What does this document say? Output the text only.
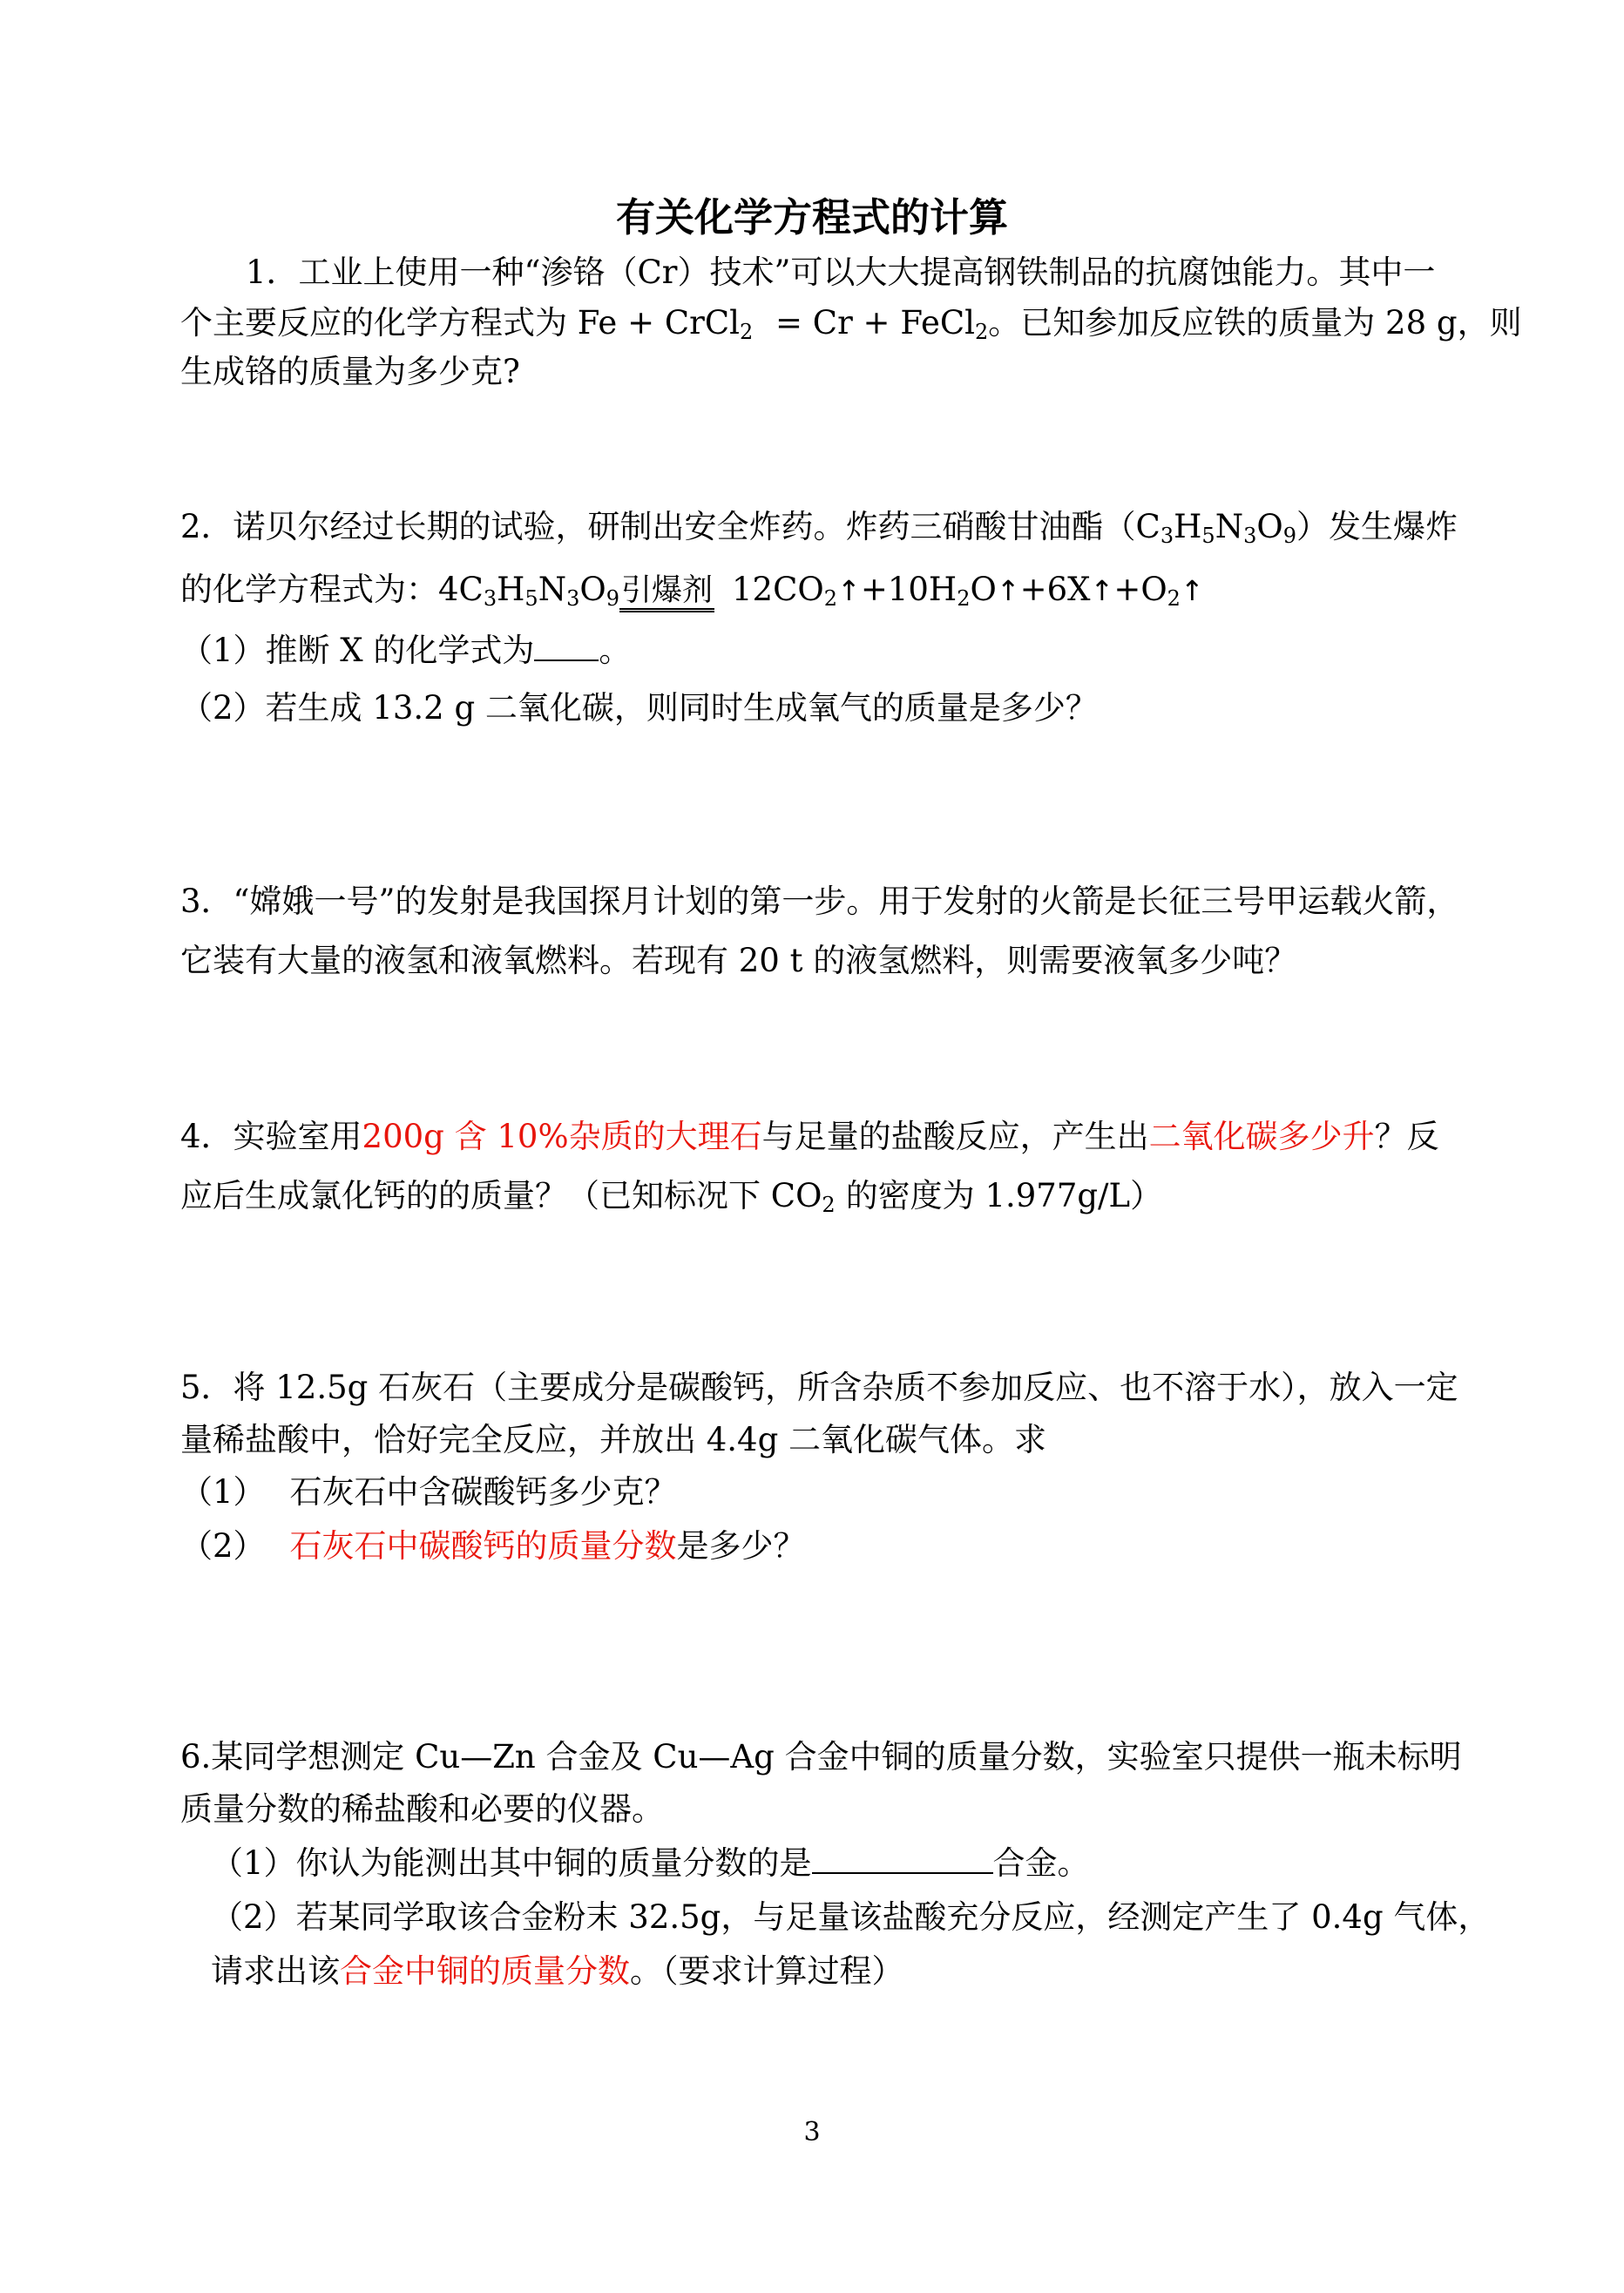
有关化学方程式的计算
1．工业上使用一种“渗铬（Cr）技术”可以大大提高钢铁制品的抗腐蚀能力。其中一
个主要反应的化学方程式为 Fe + CrCl$_2$ = Cr + FeCl$_2$。已知参加反应铁的质量为 28 g，则
生成铬的质量为多少克?
2．诺贝尔经过长期的试验，研制出安全炸药。炸药三硝酸甘油酯$(C_3H_5N_3O_9)$发生爆炸
的化学方程式为：$4C_3H_5N_3O_9$引爆剂 $12CO_2↑+10H_2O↑+6X↑+O_2↑$
（1）推断 X 的化学式为 。
（2）若生成 13.2 g 二氧化碳，则同时生成氧气的质量是多少？
3．“嫦娥一号”的发射是我国探月计划的第一步。用于发射的火箭是长征三号甲运载火箭，
它装有大量的液氢和液氧燃料。若现有 20 t 的液氢燃料，则需要液氧多少吨？
4．实验室用200g 含 10%杂质的大理石与足量的盐酸反应，产生出二氧化碳多少升？反
应后生成氯化钙的的质量？（已知标况下 $CO_2$ 的密度为 1.977g/L）
5．将 12.5g 石灰石（主要成分是碳酸钙，所含杂质不参加反应、也不溶于水），放入一定
量稀盐酸中，恰好完全反应，并放出 4.4g 二氧化碳气体。求
（1） 石灰石中含碳酸钙多少克？
（2） 石灰石中碳酸钙的质量分数是多少？
6.某同学想测定 Cu—Zn 合金及 Cu—Ag 合金中铜的质量分数，实验室只提供一瓶未标明
质量分数的稀盐酸和必要的仪器。
（1）你认为能测出其中铜的质量分数的是	合金。
（2）若某同学取该合金粉末 32.5g，与足量该盐酸充分反应，经测定产生了 0.4g 气体，
请求出该合金中铜的质量分数。（要求计算过程）
3
